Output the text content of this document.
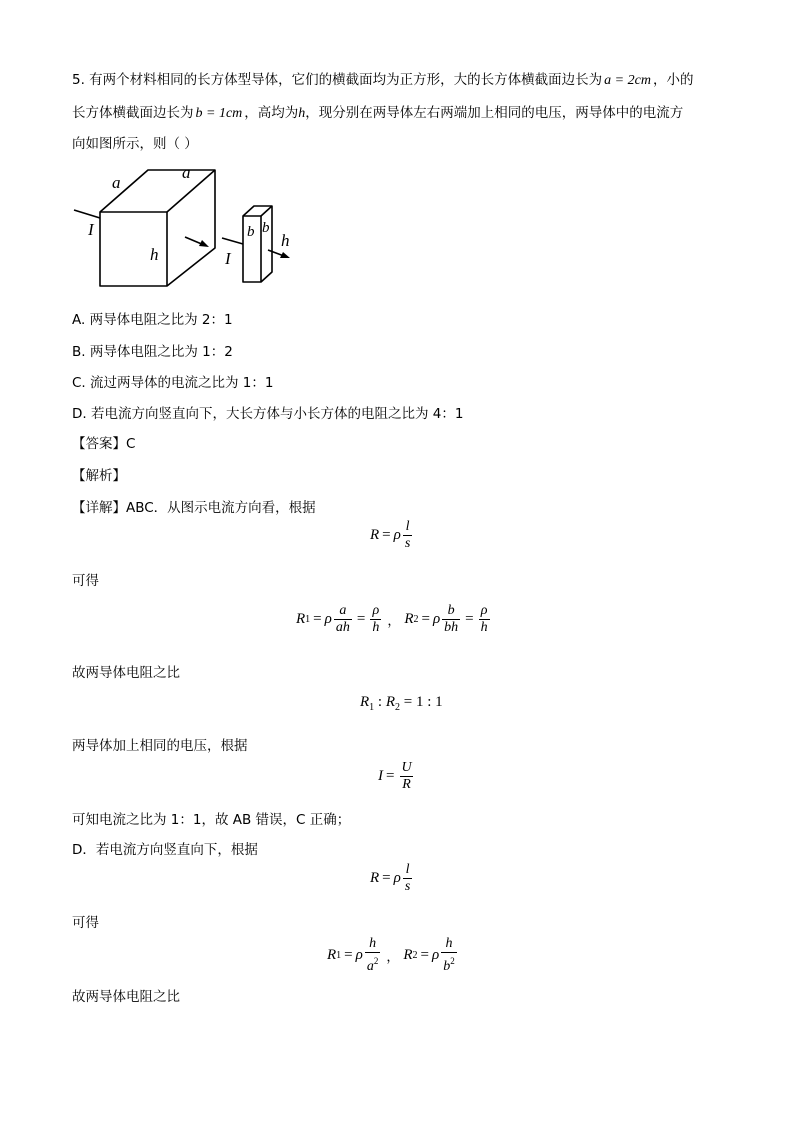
5. 有两个材料相同的长方体型导体，它们的横截面均为正方形，大的长方体横截面边长为 a = 2cm ，小的
长方体横截面边长为 b = 1cm ，高均为h，现分别在两导体左右两端加上相同的电压，两导体中的电流方
向如图所示，则（ ）
a
a
I
h
b b
I
h
A. 两导体电阻之比为 2：1
B. 两导体电阻之比为 1：2
C. 流过两导体的电流之比为 1：1
D. 若电流方向竖直向下，大长方体与小长方体的电阻之比为 4：1
【答案】C
【解析】
【详解】ABC．从图示电流方向看，根据
R = ρ $\frac{l}{s}$
可得
R 1 = ρ $\frac{a}{ah} = \frac{\rho}{h}$ ， R 2 = ρ $\frac{b}{bh} = \frac{\rho}{h}$
故两导体电阻之比
$R_1$ : $R_2 = 1$ : 1
两导体加上相同的电压，根据
$I = \frac{U}{R}$
可知电流之比为 1：1，故 AB 错误，C 正确；
D．若电流方向竖直向下，根据
R = ρ $\frac{l}{s}$
可得
R 1 = ρ $\frac{h}{a^2}$ ， R 2 = ρ $\frac{h}{b^2}$
故两导体电阻之比
